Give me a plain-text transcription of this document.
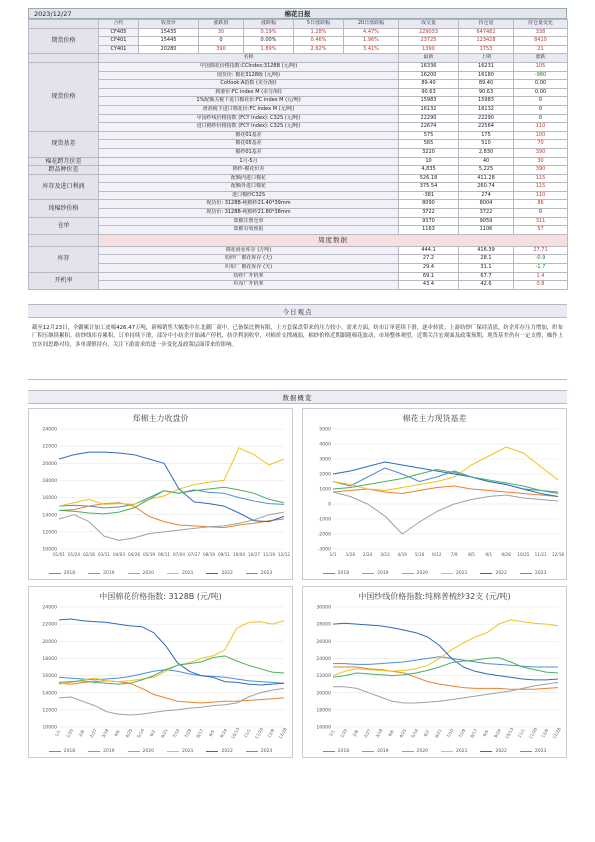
2023/12/27	棉花日报
	合约	收盘价	涨跌值	涨跌幅	5日涨跌幅	20日涨跌幅	成交量	持仓量	持仓量变化
期货价格	CF405	15435	30	0.19%	1.28%	4.47%	229033	647482	338
	CF401	15445	0	0.00%	0.46%	1.96%	23725	123428	8410
	CY401	20280	390	1.89%	2.62%	3.41%	1390	1753	21
	名称						最新	上期	涨跌
现货价格	中国棉花价格指数:CCIndex:3128B (元/吨)						16336	16231	105
	现货价: 棉花3128级 (元/吨)						16200	16180	-980
	Cotlook:A指数 (美分/磅)						89.40	89.40	0.00
	到港价:FC index M (美分/磅)						90.63	90.63	0.00
	1%配额关税下进口棉花价:FC index M (元/吨)						15983	15983	0
	滑准税下进口棉花价:FC index M (元/吨)						16132	16132	0
	中国纱线价格指数 (FCY Index): C32S (元/吨)						22290	22290	0
	进口棉纱价格指数 (FCY Index): C32S (元/吨)						22674	22564	110
现货基差	棉花01基差						575	175	100
	棉花05基差						565	510	70
	棉纱01基差						3220	2,830	390
棉花跨月价差	1月-5月						10	40	30
跨品种价差	棉纱-棉花价差						4,835	5,225	390
库存及进口利润	配额内进口棉花						526.18	411.28	115
	配额外进口棉花						375.54	260.74	115
	进口棉纱C32S						-381	274	110
纯棉纱价格	现货价: 3128B-纯棉纱21.40*39mm						8090	8004	86
	现货价: 3128B-纯棉纱21.80*38mm						3722	3722	0
仓单	郑棉注册仓单						9370	9059	311
	郑棉有效预报						1163	1106	57
	周度数据								
库存	棉花商业库存 (万吨)						444.1	416.39	27.71
	纺纱厂 棉花库存 (天)						27.2	28.1	-0.9
	织布厂 棉花库存 (天)						29.4	31.1	-1.7
开机率	纺纱厂开机率						69.1	67.7	1.4
	织布厂开机率						43.4	42.6	0.8
今日观点
截至12月23日，全疆累计加工皮棉426.47万吨，新棉销售大幅集中在北疆厂商中，已备保比例有限，上方套保盘带来的压力较小。需求方面，纺市订单延续下滑，逐步转淡；上游纺纱厂保持清淡，纺企库存压力增加，织布厂积压继续累积。纺纱线库存累积，订单持续下滑，部分中小纺企开始减产停机，纺企利润收窄，对棉价支撑减弱，棉纱价格近期跟随棉花波动，市场整体观望。近期关注宏观面及政策预期，现货基差仍有一定支撑，操作上宜区间思路对待，多单谨慎持有，关注下游需求的进一步变化及政策层面带来的影响。
数据概览
郑棉主力收盘价
24000
22000
20000
18000
16000
14000
12000
10000
01/01 01/24 02/16 03/11 04/03 04/26 05/19 06/11 07/04 07/27 08/19 09/11 10/04 10/27 11/19 12/12
2018	2019	2020	2021	2022	2023
棉花主力现货基差
5000
4000
3000
2000
1000
0
-1000
-2000
-3000
1/1 1/28 2/24 3/23 4/19 5/16 6/12 7/9	8/5	9/1 9/28 10/25 11/21 12/18
2018	2019	2020	2021	2022	2023
中国棉花价格指数: 3128B (元/吨)
24000
22000
20000
18000
16000
14000
12000
10000
1/1 1/20 2/8 2/27 3/18 4/6 4/25 5/14 6/2 6/21 7/10 7/29 8/17 9/5 9/24 10/13 11/1 11/20 12/9 12/28
2018	2019	2020	2021	2022	2023
中国纱线价格指数:纯棉普梳纱32支 (元/吨)
30000
28000
26000
24000
22000
20000
18000
16000
1/1 1/20 2/8 2/27 3/18 4/6 4/25 5/14 6/2 6/21 7/10 7/29 8/17 9/5 9/24 10/13 11/1 11/20 12/9 12/28
2018	2019	2020	2021	2022	2023
